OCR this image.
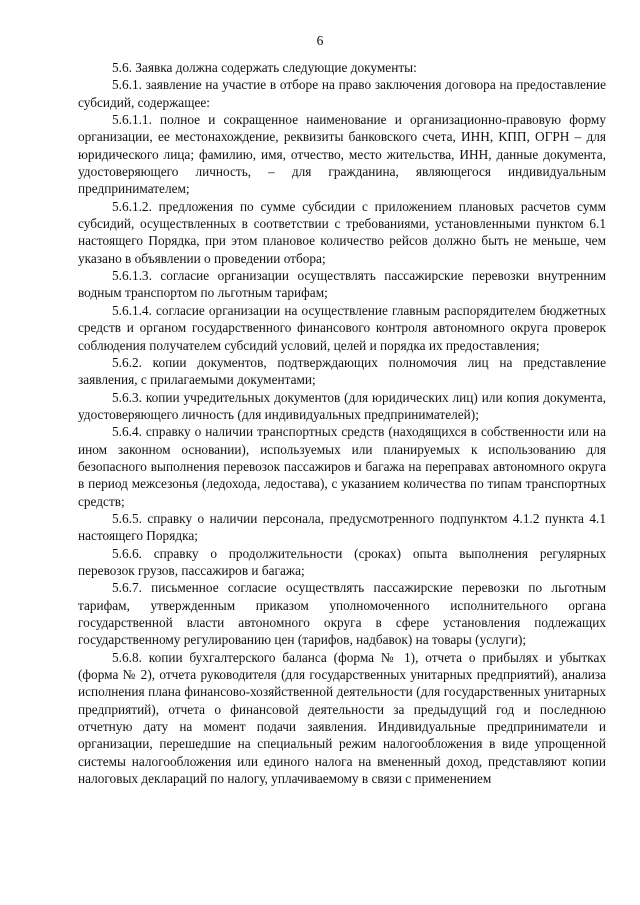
6

5.6. Заявка должна содержать следующие документы:

5.6.1. заявление на участие в отборе на право заключения договора на предоставление субсидий, содержащее:

5.6.1.1. полное и сокращенное наименование и организационно-правовую форму организации, ее местонахождение, реквизиты банковского счета, ИНН, КПП, ОГРН – для юридического лица; фамилию, имя, отчество, место жительства, ИНН, данные документа, удостоверяющего личность, – для гражданина, являющегося индивидуальным предпринимателем;

5.6.1.2. предложения по сумме субсидии с приложением плановых расчетов сумм субсидий, осуществленных в соответствии с требованиями, установленными пунктом 6.1 настоящего Порядка, при этом плановое количество рейсов должно быть не меньше, чем указано в объявлении о проведении отбора;

5.6.1.3. согласие организации осуществлять пассажирские перевозки внутренним водным транспортом по льготным тарифам;

5.6.1.4. согласие организации на осуществление главным распорядителем бюджетных средств и органом государственного финансового контроля автономного округа проверок соблюдения получателем субсидий условий, целей и порядка их предоставления;

5.6.2. копии документов, подтверждающих полномочия лиц на представление заявления, с прилагаемыми документами;

5.6.3. копии учредительных документов (для юридических лиц) или копия документа, удостоверяющего личность (для индивидуальных предпринимателей);

5.6.4. справку о наличии транспортных средств (находящихся в собственности или на ином законном основании), используемых или планируемых к использованию для безопасного выполнения перевозок пассажиров и багажа на переправах автономного округа в период межсезонья (ледохода, ледостава), с указанием количества по типам транспортных средств;

5.6.5. справку о наличии персонала, предусмотренного подпунктом 4.1.2 пункта 4.1 настоящего Порядка;

5.6.6. справку о продолжительности (сроках) опыта выполнения регулярных перевозок грузов, пассажиров и багажа;

5.6.7. письменное согласие осуществлять пассажирские перевозки по льготным тарифам, утвержденным приказом уполномоченного исполнительного органа государственной власти автономного округа в сфере установления подлежащих государственному регулированию цен (тарифов, надбавок) на товары (услуги);

5.6.8. копии бухгалтерского баланса (форма № 1), отчета о прибылях и убытках (форма № 2), отчета руководителя (для государственных унитарных предприятий), анализа исполнения плана финансово-хозяйственной деятельности (для государственных унитарных предприятий), отчета о финансовой деятельности за предыдущий год и последнюю отчетную дату на момент подачи заявления. Индивидуальные предприниматели и организации, перешедшие на специальный режим налогообложения в виде упрощенной системы налогообложения или единого налога на вмененный доход, представляют копии налоговых деклараций по налогу, уплачиваемому в связи с применением
